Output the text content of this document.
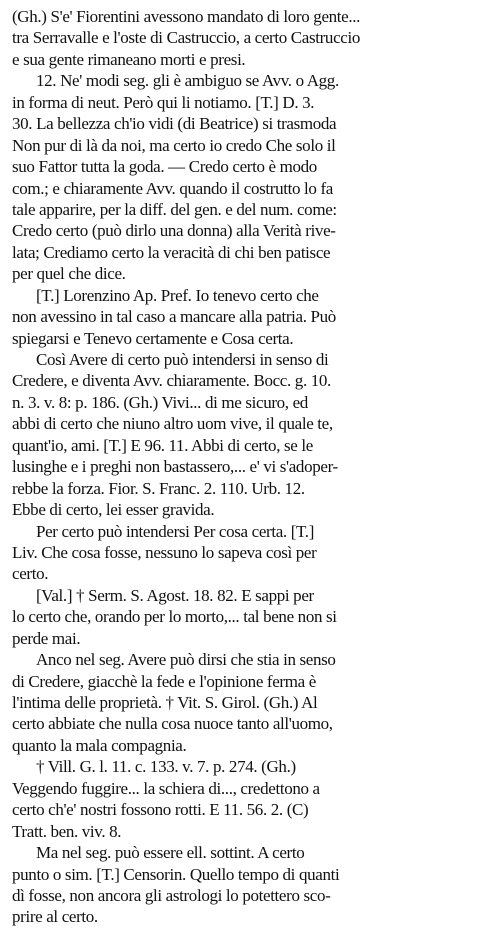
(Gh.) S'e' Fiorentini avessono mandato di loro gente...
tra Serravalle e l'oste di Castruccio, a certo Castruccio
e sua gente rimaneano morti e presi.
12. Ne' modi seg. gli è ambiguo se Avv. o Agg.
in forma di neut. Però qui li notiamo. [T.] D. 3.
30. La bellezza ch'io vidi (di Beatrice) si trasmoda
Non pur di là da noi, ma certo io credo Che solo il
suo Fattor tutta la goda. — Credo certo è modo
com.; e chiaramente Avv. quando il costrutto lo fa
tale apparire, per la diff. del gen. e del num. come:
Credo certo (può dirlo una donna) alla Verità rive-
lata; Crediamo certo la veracità di chi ben patisce
per quel che dice.
[T.] Lorenzino Ap. Pref. Io tenevo certo che
non avessino in tal caso a mancare alla patria. Può
spiegarsi e Tenevo certamente e Cosa certa.
Così Avere di certo può intendersi in senso di
Credere, e diventa Avv. chiaramente. Bocc. g. 10.
n. 3. v. 8: p. 186. (Gh.) Vivi... di me sicuro, ed
abbi di certo che niuno altro uom vive, il quale te,
quant'io, ami. [T.] E 96. 11. Abbi di certo, se le
lusinghe e i preghi non bastassero,... e' vi s'adoper-
rebbe la forza. Fior. S. Franc. 2. 110. Urb. 12.
Ebbe di certo, lei esser gravida.
Per certo può intendersi Per cosa certa. [T.]
Liv. Che cosa fosse, nessuno lo sapeva così per
certo.
[Val.] † Serm. S. Agost. 18. 82. E sappi per
lo certo che, orando per lo morto,... tal bene non si
perde mai.
Anco nel seg. Avere può dirsi che stia in senso
di Credere, giacchè la fede e l'opinione ferma è
l'intima delle proprietà. † Vit. S. Girol. (Gh.) Al
certo abbiate che nulla cosa nuoce tanto all'uomo,
quanto la mala compagnia.
† Vill. G. l. 11. c. 133. v. 7. p. 274. (Gh.)
Veggendo fuggire... la schiera di..., credettono a
certo ch'e' nostri fossono rotti. E 11. 56. 2. (C)
Tratt. ben. viv. 8.
Ma nel seg. può essere ell. sottint. A certo
punto o sim. [T.] Censorin. Quello tempo di quanti
dì fosse, non ancora gli astrologi lo potettero sco-
prire al certo.
